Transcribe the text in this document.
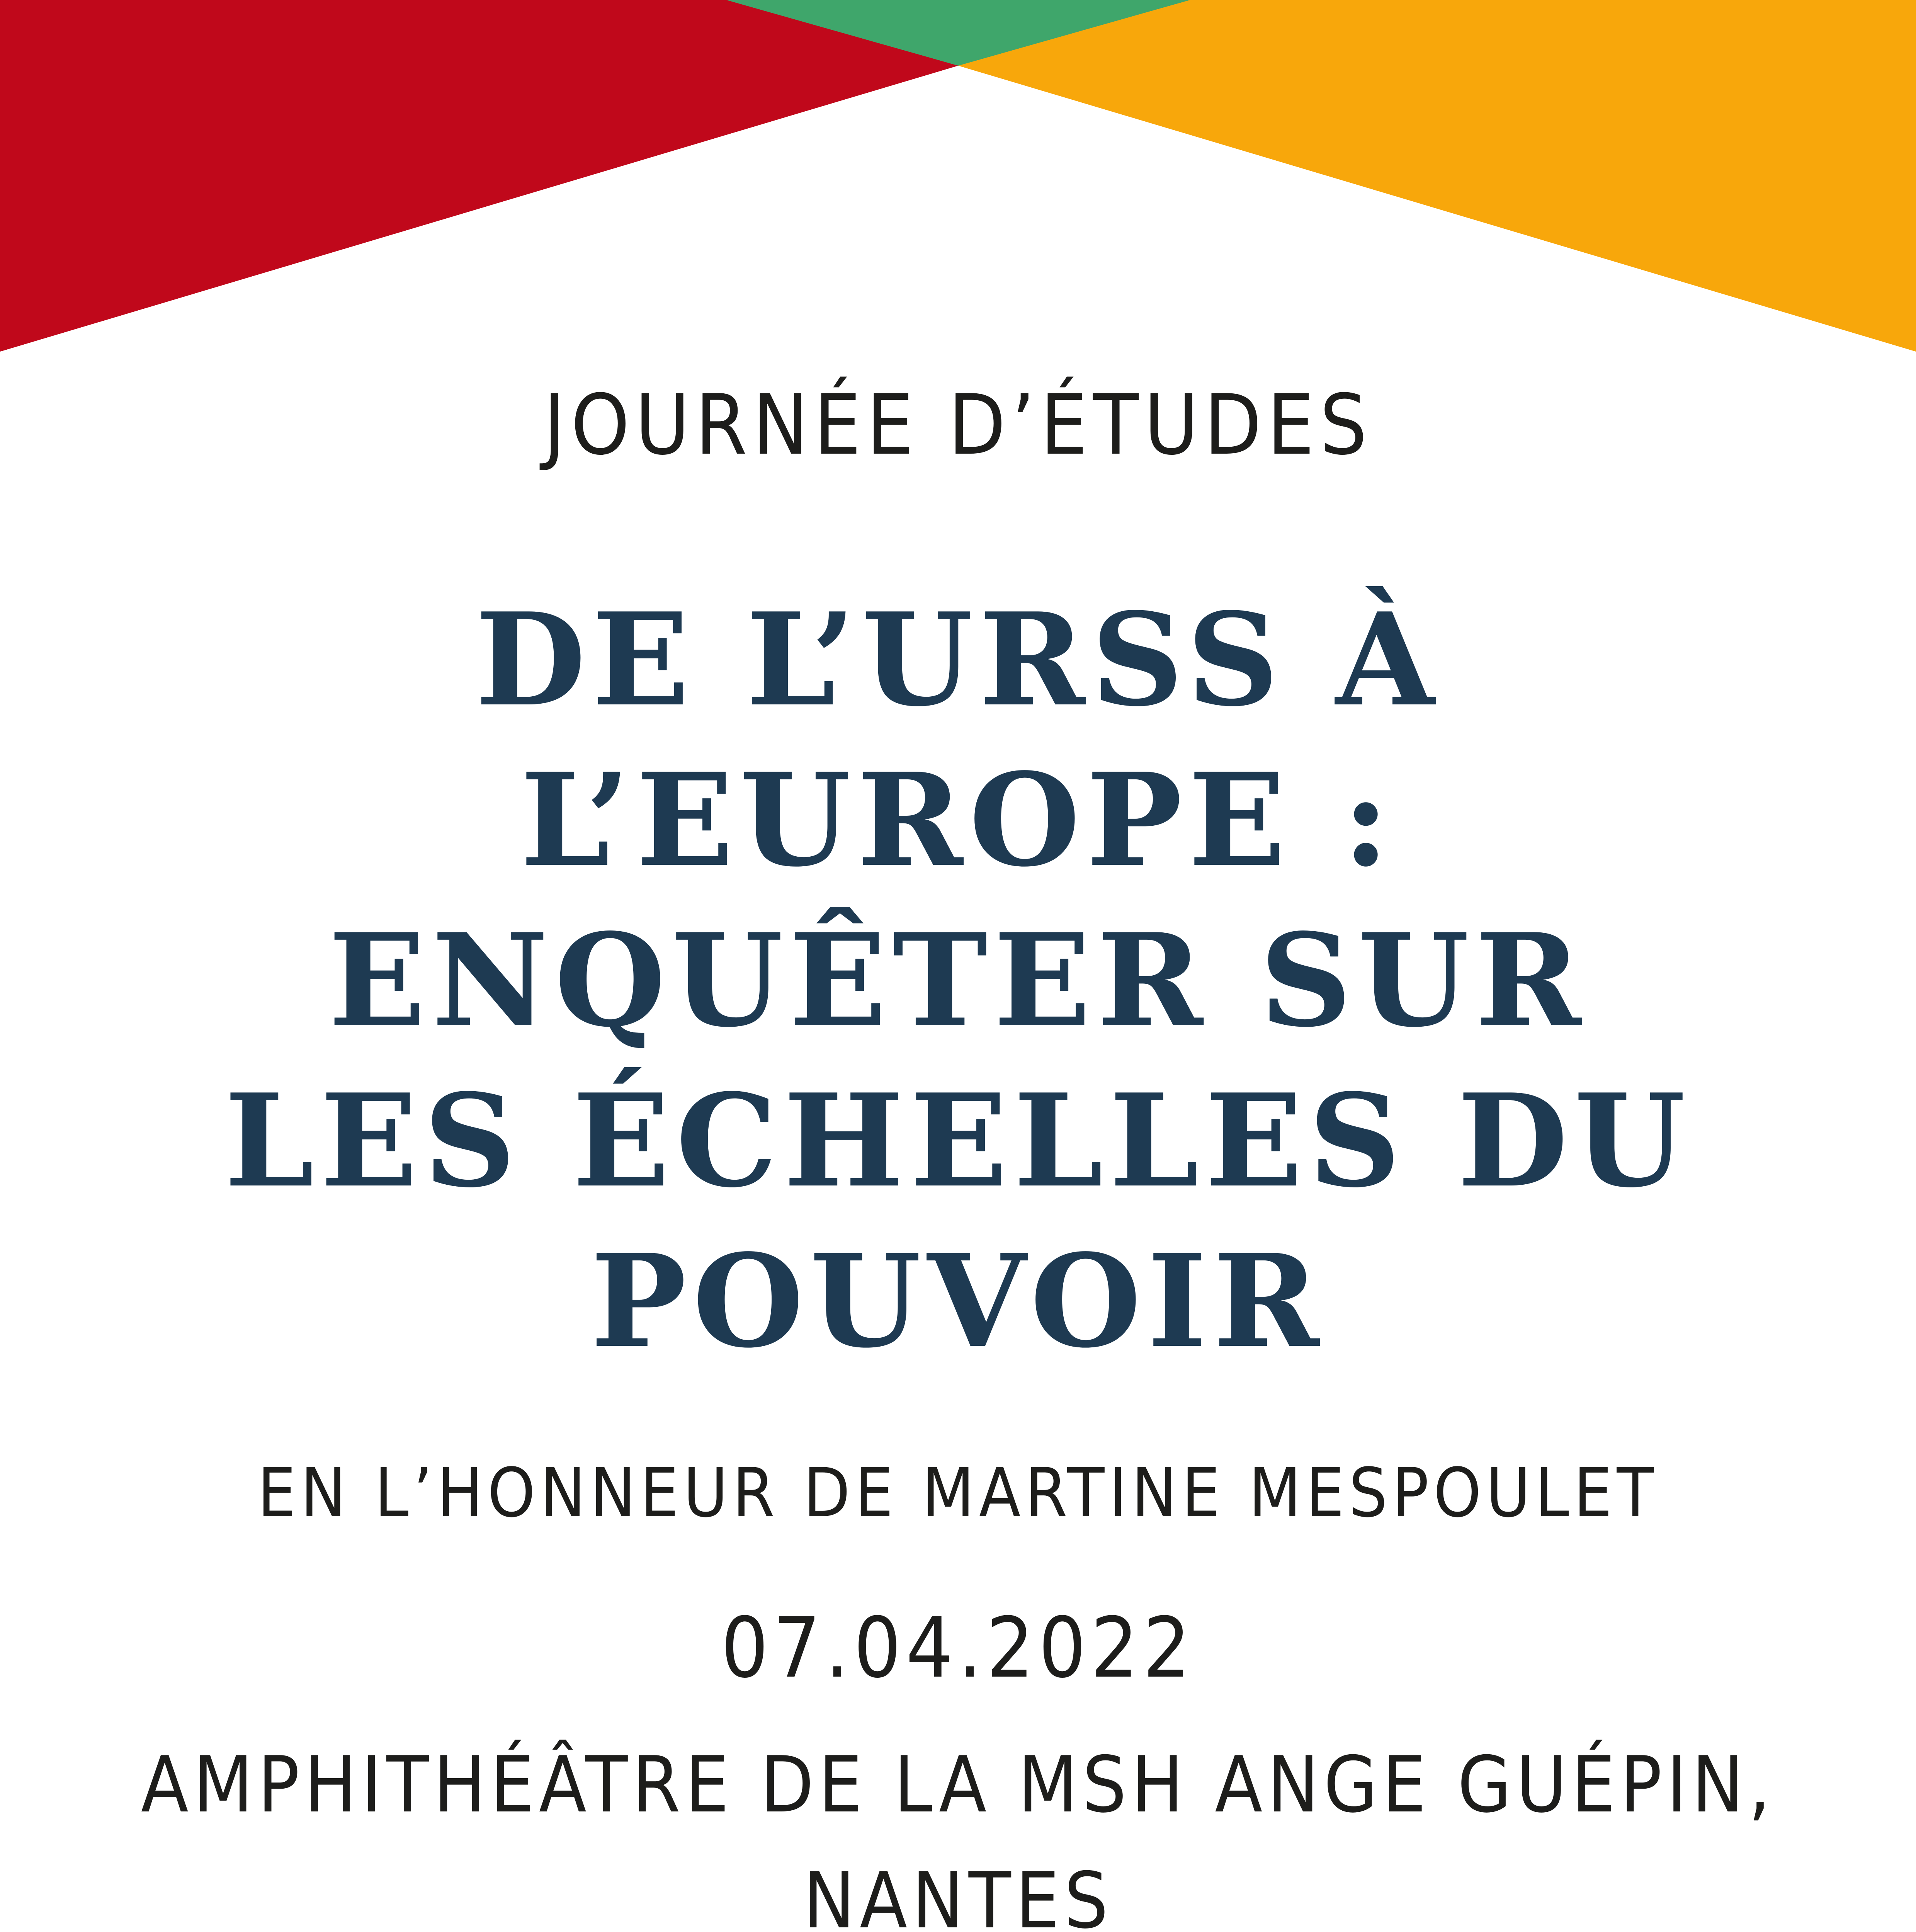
JOURNÉE D’ÉTUDES
DE L’URSS À
L’EUROPE :
ENQUÊTER SUR
LES ÉCHELLES DU
POUVOIR
EN L’HONNEUR DE MARTINE MESPOULET
07.04.2022
AMPHITHÉÂTRE DE LA MSH ANGE GUÉPIN,
NANTES
